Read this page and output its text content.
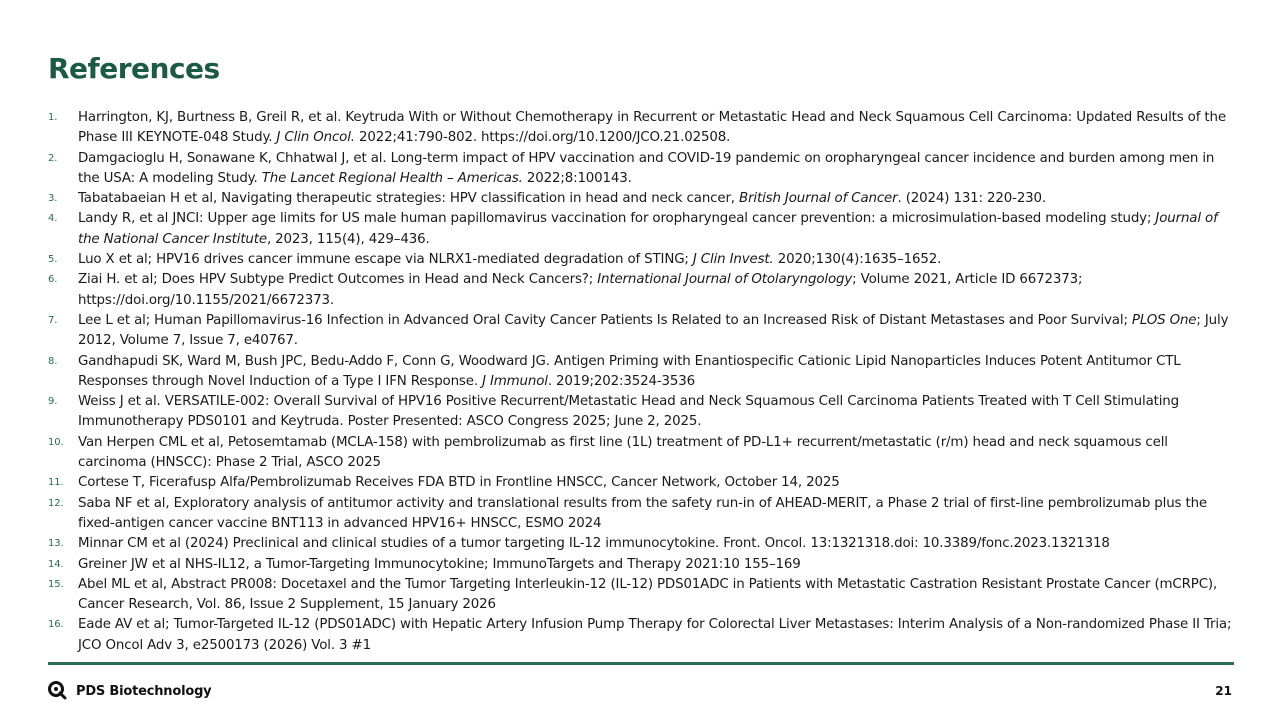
References
1.	Harrington, KJ, Burtness B, Greil R, et al. Keytruda With or Without Chemotherapy in Recurrent or Metastatic Head and Neck Squamous Cell Carcinoma: Updated Results of the Phase III KEYNOTE-048 Study. J Clin Oncol. 2022;41:790-802. https://doi.org/10.1200/JCO.21.02508.
2.	Damgacioglu H, Sonawane K, Chhatwal J, et al. Long-term impact of HPV vaccination and COVID-19 pandemic on oropharyngeal cancer incidence and burden among men in the USA: A modeling Study. The Lancet Regional Health – Americas. 2022;8:100143.
3.	Tabatabaeian H et al, Navigating therapeutic strategies: HPV classification in head and neck cancer, British Journal of Cancer. (2024) 131: 220-230.
4.	Landy R, et al JNCI: Upper age limits for US male human papillomavirus vaccination for oropharyngeal cancer prevention: a microsimulation-based modeling study; Journal of the National Cancer Institute, 2023, 115(4), 429–436.
5.	Luo X et al; HPV16 drives cancer immune escape via NLRX1-mediated degradation of STING; J Clin Invest. 2020;130(4):1635–1652.
6.	Ziai H. et al; Does HPV Subtype Predict Outcomes in Head and Neck Cancers?; International Journal of Otolaryngology; Volume 2021, Article ID 6672373; https://doi.org/10.1155/2021/6672373.
7.	Lee L et al; Human Papillomavirus-16 Infection in Advanced Oral Cavity Cancer Patients Is Related to an Increased Risk of Distant Metastases and Poor Survival; PLOS One; July 2012, Volume 7, Issue 7, e40767.
8.	Gandhapudi SK, Ward M, Bush JPC, Bedu-Addo F, Conn G, Woodward JG. Antigen Priming with Enantiospecific Cationic Lipid Nanoparticles Induces Potent Antitumor CTL Responses through Novel Induction of a Type I IFN Response. J Immunol. 2019;202:3524-3536
9.	Weiss J et al. VERSATILE-002: Overall Survival of HPV16 Positive Recurrent/Metastatic Head and Neck Squamous Cell Carcinoma Patients Treated with T Cell Stimulating Immunotherapy PDS0101 and Keytruda. Poster Presented: ASCO Congress 2025; June 2, 2025.
10.	Van Herpen CML et al, Petosemtamab (MCLA-158) with pembrolizumab as first line (1L) treatment of PD-L1+ recurrent/metastatic (r/m) head and neck squamous cell carcinoma (HNSCC): Phase 2 Trial, ASCO 2025
11.	Cortese T, Ficerafusp Alfa/Pembrolizumab Receives FDA BTD in Frontline HNSCC, Cancer Network, October 14, 2025
12.	Saba NF et al, Exploratory analysis of antitumor activity and translational results from the safety run-in of AHEAD-MERIT, a Phase 2 trial of first-line pembrolizumab plus the fixed-antigen cancer vaccine BNT113 in advanced HPV16+ HNSCC, ESMO 2024
13.	Minnar CM et al (2024) Preclinical and clinical studies of a tumor targeting IL-12 immunocytokine. Front. Oncol. 13:1321318.doi: 10.3389/fonc.2023.1321318
14.	Greiner JW et al NHS-IL12, a Tumor-Targeting Immunocytokine; ImmunoTargets and Therapy 2021:10 155–169
15.	Abel ML et al, Abstract PR008: Docetaxel and the Tumor Targeting Interleukin-12 (IL-12) PDS01ADC in Patients with Metastatic Castration Resistant Prostate Cancer (mCRPC), Cancer Research, Vol. 86, Issue 2 Supplement, 15 January 2026
16.	Eade AV et al; Tumor-Targeted IL-12 (PDS01ADC) with Hepatic Artery Infusion Pump Therapy for Colorectal Liver Metastases: Interim Analysis of a Non-randomized Phase II Tria; JCO Oncol Adv 3, e2500173 (2026) Vol. 3 #1
PDS Biotechnology	21
